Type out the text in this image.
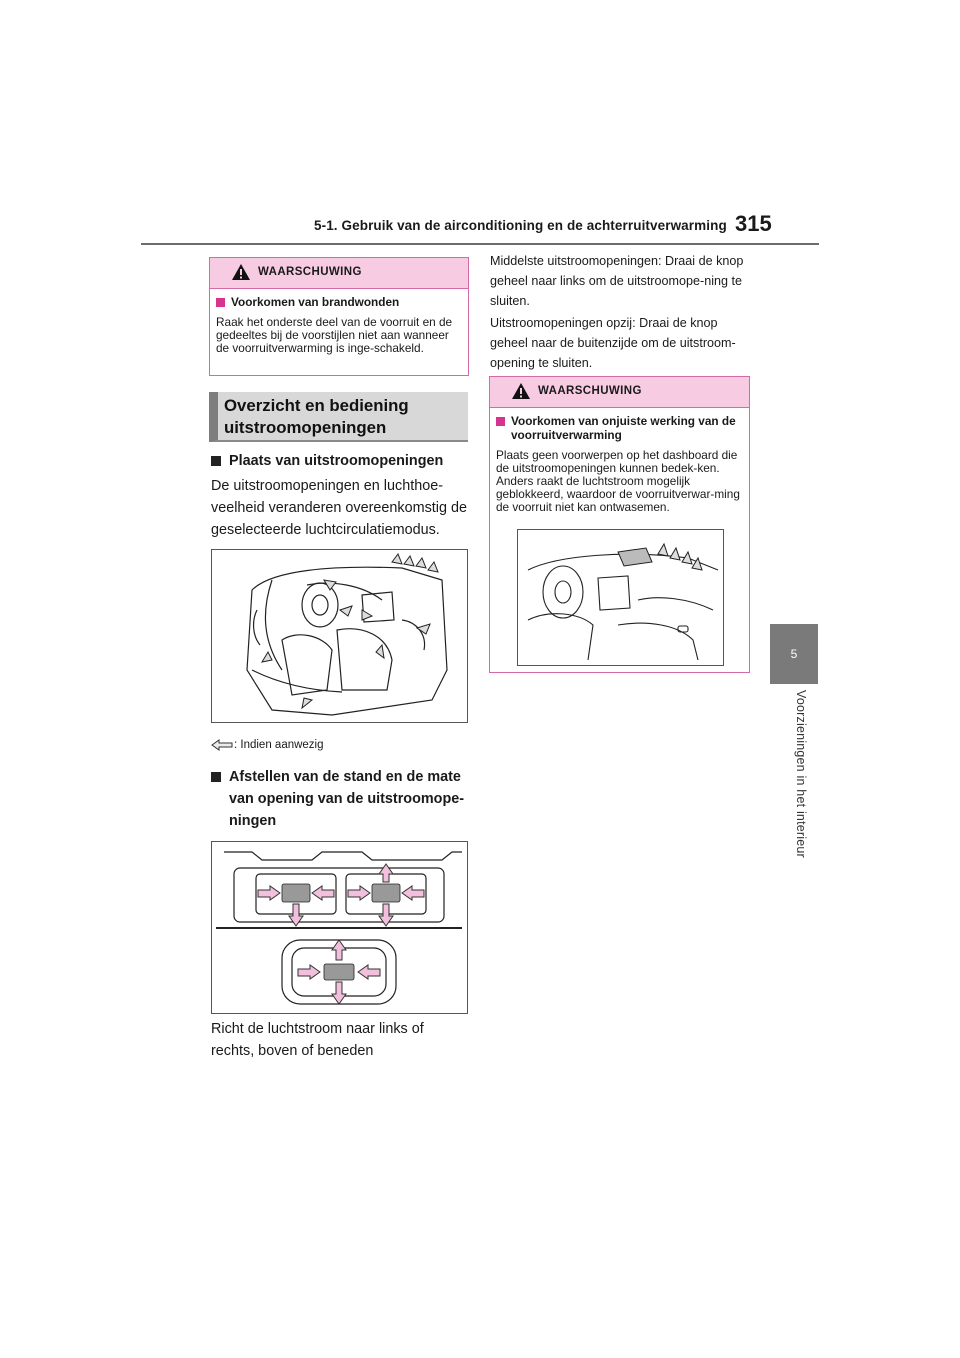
5-1. Gebruik van de airconditioning en de achterruitverwarming 315
5
Voorzieningen in het interieur
WAARSCHUWING
Voorkomen van brandwonden
Raak het onderste deel van de voorruit en de gedeeltes bij de voorstijlen niet aan wanneer de voorruitverwarming is inge-schakeld.
Overzicht en bediening
uitstroomopeningen
Plaats van uitstroomopeningen
De uitstroomopeningen en luchthoe-veelheid veranderen overeenkomstig de geselecteerde luchtcirculatiemodus.
: Indien aanwezig
Afstellen van de stand en de mate van opening van de uitstroomope-ningen
Richt de luchtstroom naar links of rechts, boven of beneden
Middelste uitstroomopeningen: Draai de knop geheel naar links om de uitstroomope-ning te sluiten.
Uitstroomopeningen opzij: Draai de knop geheel naar de buitenzijde om de uitstroom-opening te sluiten.
WAARSCHUWING
Voorkomen van onjuiste werking van de voorruitverwarming
Plaats geen voorwerpen op het dashboard die de uitstroomopeningen kunnen bedek-ken. Anders raakt de luchtstroom mogelijk geblokkeerd, waardoor de voorruitverwar-ming de voorruit niet kan ontwasemen.
